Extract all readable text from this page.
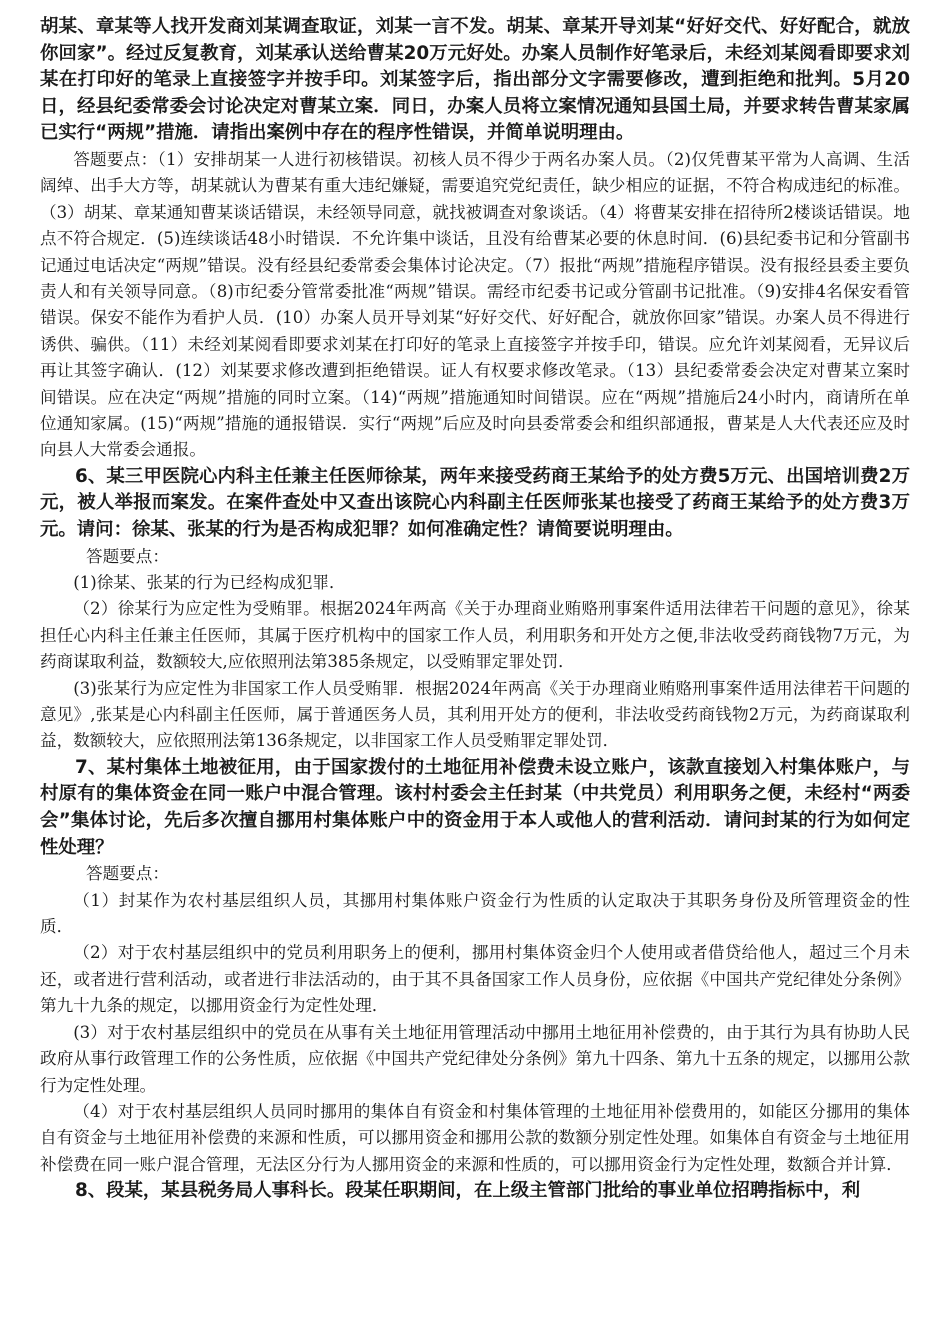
胡某、章某等人找开发商刘某调查取证，刘某一言不发。胡某、章某开导刘某“好好交代、好好配合，就放你回家”。经过反复教育，刘某承认送给曹某20万元好处。办案人员制作好笔录后，未经刘某阅看即要求刘某在打印好的笔录上直接签字并按手印。刘某签字后，指出部分文字需要修改，遭到拒绝和批判。5月20日，经县纪委常委会讨论决定对曹某立案．同日，办案人员将立案情况通知县国土局，并要求转告曹某家属已实行“两规”措施．请指出案例中存在的程序性错误，并简单说明理由。

答题要点：（1）安排胡某一人进行初核错误。初核人员不得少于两名办案人员。（2)仅凭曹某平常为人高调、生活阔绰、出手大方等，胡某就认为曹某有重大违纪嫌疑，需要追究党纪责任，缺少相应的证据，不符合构成违纪的标准。（3）胡某、章某通知曹某谈话错误，未经领导同意，就找被调查对象谈话。（4）将曹某安排在招待所2楼谈话错误。地点不符合规定．(5)连续谈话48小时错误．不允许集中谈话，且没有给曹某必要的休息时间．(6)县纪委书记和分管副书记通过电话决定“两规”错误。没有经县纪委常委会集体讨论决定。（7）报批“两规”措施程序错误。没有报经县委主要负责人和有关领导同意。（8)市纪委分管常委批准“两规”错误。需经市纪委书记或分管副书记批准。（9)安排4名保安看管错误。保安不能作为看护人员．(10）办案人员开导刘某“好好交代、好好配合，就放你回家”错误。办案人员不得进行诱供、骗供。（11）未经刘某阅看即要求刘某在打印好的笔录上直接签字并按手印，错误。应允许刘某阅看，无异议后再让其签字确认．(12）刘某要求修改遭到拒绝错误。证人有权要求修改笔录。（13）县纪委常委会决定对曹某立案时间错误。应在决定“两规”措施的同时立案。（14)“两规”措施通知时间错误。应在“两规”措施后24小时内，商请所在单位通知家属。(15)“两规”措施的通报错误．实行“两规”后应及时向县委常委会和组织部通报，曹某是人大代表还应及时向县人大常委会通报。

6、某三甲医院心内科主任兼主任医师徐某，两年来接受药商王某给予的处方费5万元、出国培训费2万元，被人举报而案发。在案件查处中又查出该院心内科副主任医师张某也接受了药商王某给予的处方费3万元。请问：徐某、张某的行为是否构成犯罪？如何准确定性？请简要说明理由。

答题要点：

(1)徐某、张某的行为已经构成犯罪．

（2）徐某行为应定性为受贿罪。根据2024年两高《关于办理商业贿赂刑事案件适用法律若干问题的意见》，徐某担任心内科主任兼主任医师，其属于医疗机构中的国家工作人员，利用职务和开处方之便,非法收受药商钱物7万元，为药商谋取利益，数额较大,应依照刑法第385条规定，以受贿罪定罪处罚．

(3)张某行为应定性为非国家工作人员受贿罪．根据2024年两高《关于办理商业贿赂刑事案件适用法律若干问题的意见》,张某是心内科副主任医师，属于普通医务人员，其利用开处方的便利，非法收受药商钱物2万元，为药商谋取利益，数额较大，应依照刑法第136条规定，以非国家工作人员受贿罪定罪处罚．

7、某村集体土地被征用，由于国家拨付的土地征用补偿费未设立账户，该款直接划入村集体账户，与村原有的集体资金在同一账户中混合管理。该村村委会主任封某（中共党员）利用职务之便，未经村“两委会”集体讨论，先后多次擅自挪用村集体账户中的资金用于本人或他人的营利活动．请问封某的行为如何定性处理？

答题要点：

（1）封某作为农村基层组织人员，其挪用村集体账户资金行为性质的认定取决于其职务身份及所管理资金的性质．

（2）对于农村基层组织中的党员利用职务上的便利，挪用村集体资金归个人使用或者借贷给他人，超过三个月未还，或者进行营利活动，或者进行非法活动的，由于其不具备国家工作人员身份，应依据《中国共产党纪律处分条例》第九十九条的规定，以挪用资金行为定性处理．

(3）对于农村基层组织中的党员在从事有关土地征用管理活动中挪用土地征用补偿费的，由于其行为具有协助人民政府从事行政管理工作的公务性质，应依据《中国共产党纪律处分条例》第九十四条、第九十五条的规定，以挪用公款行为定性处理。

（4）对于农村基层组织人员同时挪用的集体自有资金和村集体管理的土地征用补偿费用的，如能区分挪用的集体自有资金与土地征用补偿费的来源和性质，可以挪用资金和挪用公款的数额分别定性处理。如集体自有资金与土地征用补偿费在同一账户混合管理，无法区分行为人挪用资金的来源和性质的，可以挪用资金行为定性处理，数额合并计算．

8、段某，某县税务局人事科长。段某任职期间，在上级主管部门批给的事业单位招聘指标中，利
